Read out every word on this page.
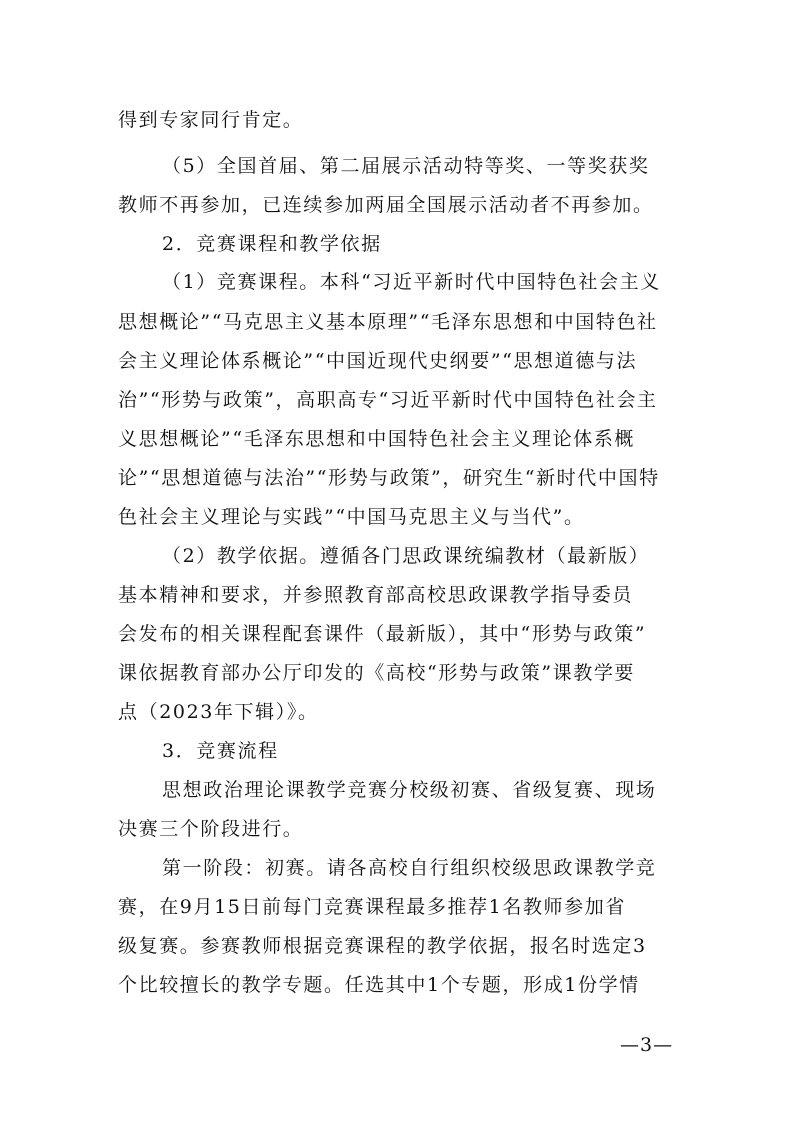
得到专家同行肯定。
（5）全国首届、第二届展示活动特等奖、一等奖获奖
教师不再参加，已连续参加两届全国展示活动者不再参加。
2．竞赛课程和教学依据
（1）竞赛课程。本科“习近平新时代中国特色社会主义
思想概论”“马克思主义基本原理”“毛泽东思想和中国特色社
会主义理论体系概论”“中国近现代史纲要”“思想道德与法
治”“形势与政策”，高职高专“习近平新时代中国特色社会主
义思想概论”“毛泽东思想和中国特色社会主义理论体系概
论”“思想道德与法治”“形势与政策”，研究生“新时代中国特
色社会主义理论与实践”“中国马克思主义与当代”。
（2）教学依据。遵循各门思政课统编教材（最新版）
基本精神和要求，并参照教育部高校思政课教学指导委员
会发布的相关课程配套课件（最新版），其中“形势与政策”
课依据教育部办公厅印发的《高校“形势与政策”课教学要
点（2023年下辑）》。
3．竞赛流程
思想政治理论课教学竞赛分校级初赛、省级复赛、现场
决赛三个阶段进行。
第一阶段：初赛。请各高校自行组织校级思政课教学竞
赛，在9月15日前每门竞赛课程最多推荐1名教师参加省
级复赛。参赛教师根据竞赛课程的教学依据，报名时选定3
个比较擅长的教学专题。任选其中1个专题，形成1份学情
—3—
